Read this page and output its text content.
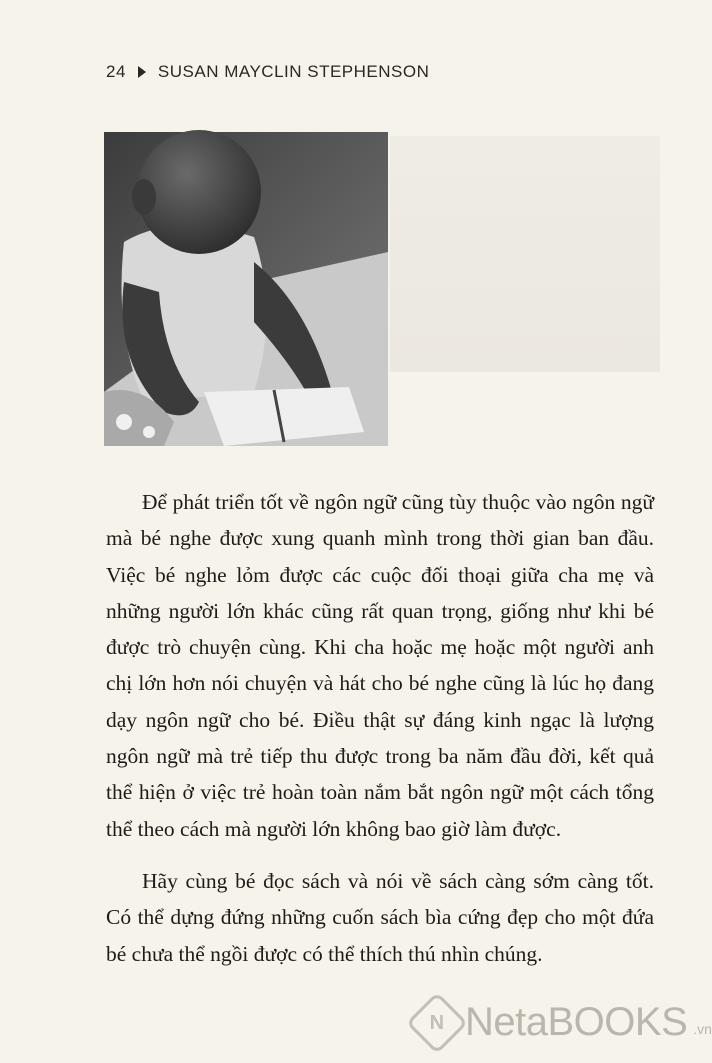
24 SUSAN MAYCLIN STEPHENSON

Để phát triển tốt về ngôn ngữ cũng tùy thuộc vào ngôn ngữ mà bé nghe được xung quanh mình trong thời gian ban đầu. Việc bé nghe lỏm được các cuộc đối thoại giữa cha mẹ và những người lớn khác cũng rất quan trọng, giống như khi bé được trò chuyện cùng. Khi cha hoặc mẹ hoặc một người anh chị lớn hơn nói chuyện và hát cho bé nghe cũng là lúc họ đang dạy ngôn ngữ cho bé. Điều thật sự đáng kinh ngạc là lượng ngôn ngữ mà trẻ tiếp thu được trong ba năm đầu đời, kết quả thể hiện ở việc trẻ hoàn toàn nắm bắt ngôn ngữ một cách tổng thể theo cách mà người lớn không bao giờ làm được.

Hãy cùng bé đọc sách và nói về sách càng sớm càng tốt. Có thể dựng đứng những cuốn sách bìa cứng đẹp cho một đứa bé chưa thể ngồi được có thể thích thú nhìn chúng.

N NetaBOOKS .vn
